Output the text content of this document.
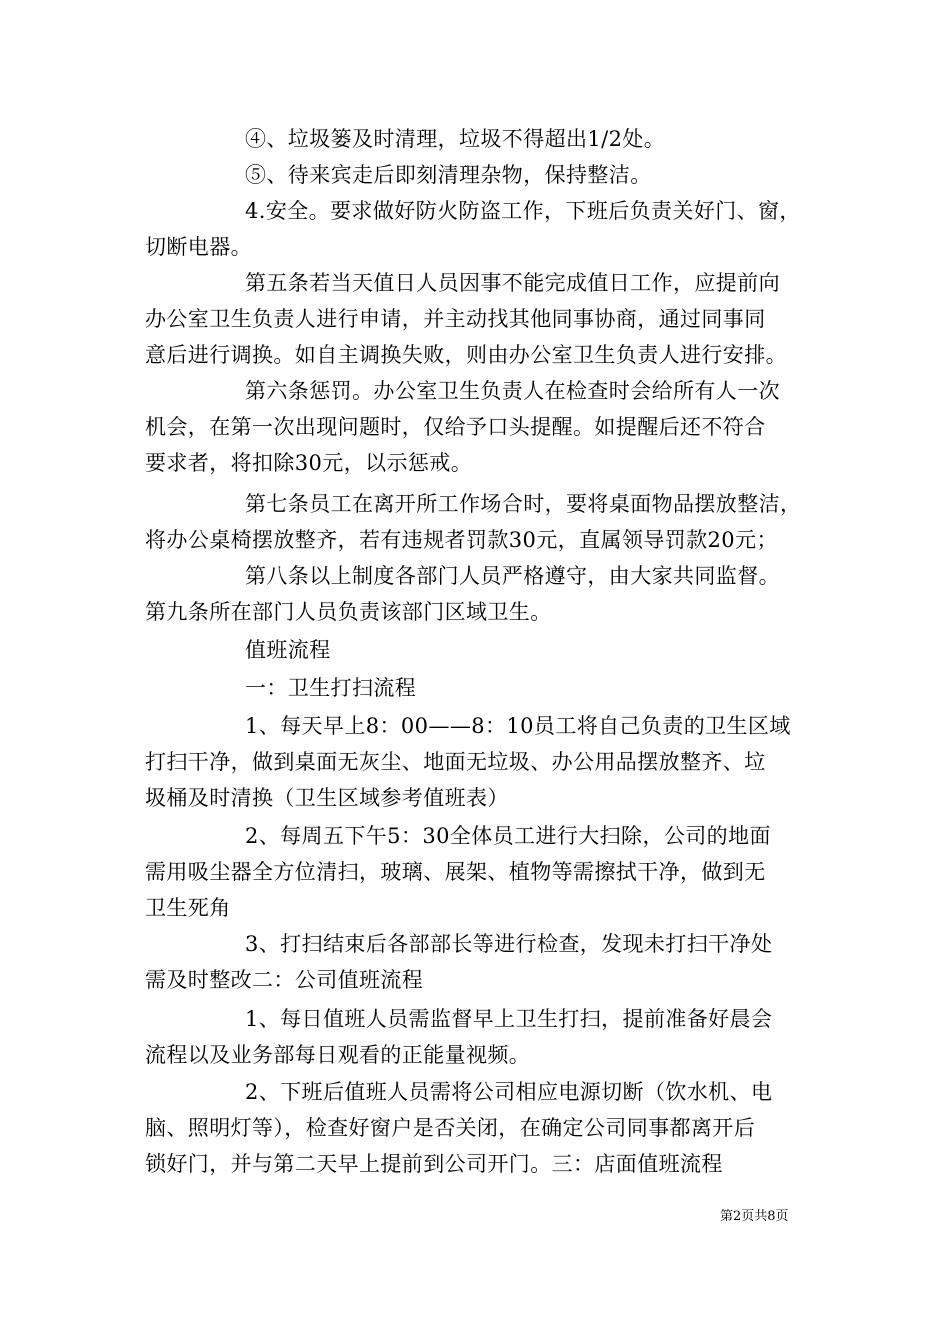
④、垃圾篓及时清理，垃圾不得超出1/2处。
⑤、待来宾走后即刻清理杂物，保持整洁。
4.安全。要求做好防火防盗工作，下班后负责关好门、窗，
切断电器。
第五条若当天值日人员因事不能完成值日工作，应提前向
办公室卫生负责人进行申请，并主动找其他同事协商，通过同事同
意后进行调换。如自主调换失败，则由办公室卫生负责人进行安排。
第六条惩罚。办公室卫生负责人在检查时会给所有人一次
机会，在第一次出现问题时，仅给予口头提醒。如提醒后还不符合
要求者，将扣除30元，以示惩戒。
第七条员工在离开所工作场合时，要将桌面物品摆放整洁，
将办公桌椅摆放整齐，若有违规者罚款30元，直属领导罚款20元；
第八条以上制度各部门人员严格遵守，由大家共同监督。
第九条所在部门人员负责该部门区域卫生。
值班流程
一：卫生打扫流程
1、每天早上8：00——8：10员工将自己负责的卫生区域
打扫干净，做到桌面无灰尘、地面无垃圾、办公用品摆放整齐、垃
圾桶及时清换（卫生区域参考值班表）
2、每周五下午5：30全体员工进行大扫除，公司的地面
需用吸尘器全方位清扫，玻璃、展架、植物等需擦拭干净，做到无
卫生死角
3、打扫结束后各部部长等进行检查，发现未打扫干净处
需及时整改二：公司值班流程
1、每日值班人员需监督早上卫生打扫，提前准备好晨会
流程以及业务部每日观看的正能量视频。
2、下班后值班人员需将公司相应电源切断（饮水机、电
脑、照明灯等），检查好窗户是否关闭，在确定公司同事都离开后
锁好门，并与第二天早上提前到公司开门。三：店面值班流程
第2页共8页
